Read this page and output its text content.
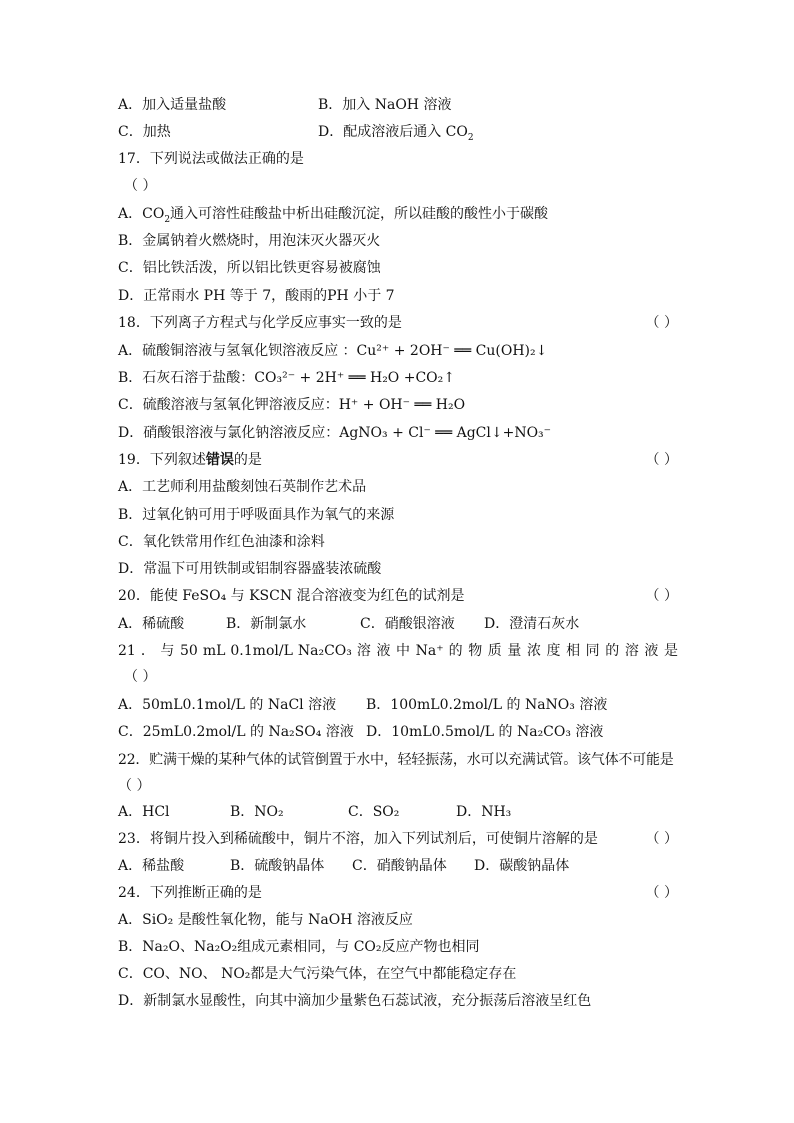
A．加入适量盐酸	B．加入 NaOH 溶液
C．加热	D．配成溶液后通入 $CO_2$
17．下列说法或做法正确的是
（ ）
A．$CO_2$通入可溶性硅酸盐中析出硅酸沉淀，所以硅酸的酸性小于碳酸
B．金属钠着火燃烧时，用泡沫灭火器灭火
C．铝比铁活泼，所以铝比铁更容易被腐蚀
D．正常雨水 PH 等于 7，酸雨的PH 小于 7
18．下列离子方程式与化学反应事实一致的是	（ ）
A．硫酸铜溶液与氢氧化钡溶液反应 ：Cu²⁺ + 2OH⁻ ══ Cu(OH)₂↓
B．石灰石溶于盐酸：CO₃²⁻ + 2H⁺ ══ H₂O +CO₂↑
C．硫酸溶液与氢氧化钾溶液反应：H⁺ + OH⁻ ══ H₂O
D．硝酸银溶液与氯化钠溶液反应：AgNO₃ + Cl⁻ ══ AgCl↓+NO₃⁻
19．下列叙述错误的是	（ ）
A．工艺师利用盐酸刻蚀石英制作艺术品
B．过氧化钠可用于呼吸面具作为氧气的来源
C．氧化铁常用作红色油漆和涂料
D．常温下可用铁制或铝制容器盛装浓硫酸
20．能使 FeSO₄ 与 KSCN 混合溶液变为红色的试剂是	（ ）
A．稀硫酸	B．新制氯水	C．硝酸银溶液 D．澄清石灰水
21 ． 与 50 mL 0.1mol/L Na₂CO₃ 溶 液 中 Na⁺ 的 物 质 量 浓 度 相 同 的 溶 液 是
（ ）
A．50mL0.1mol/L 的 NaCl 溶液 B．100mL0.2mol/L 的 NaNO₃ 溶液
C．25mL0.2mol/L 的 Na₂SO₄ 溶液 D．10mL0.5mol/L 的 Na₂CO₃ 溶液
22．贮满干燥的某种气体的试管倒置于水中，轻轻振荡，水可以充满试管。该气体不可能是
（ ）
A．HCl	B．NO₂	C．SO₂	D．NH₃
23．将铜片投入到稀硫酸中，铜片不溶，加入下列试剂后，可使铜片溶解的是	（ ）
A．稀盐酸	B．硫酸钠晶体 C．硝酸钠晶体 D．碳酸钠晶体
24．下列推断正确的是	（ ）
A．SiO₂ 是酸性氧化物，能与 NaOH 溶液反应
B．Na₂O、Na₂O₂组成元素相同，与 CO₂反应产物也相同
C．CO、NO、 NO₂都是大气污染气体，在空气中都能稳定存在
D．新制氯水显酸性，向其中滴加少量紫色石蕊试液，充分振荡后溶液呈红色
